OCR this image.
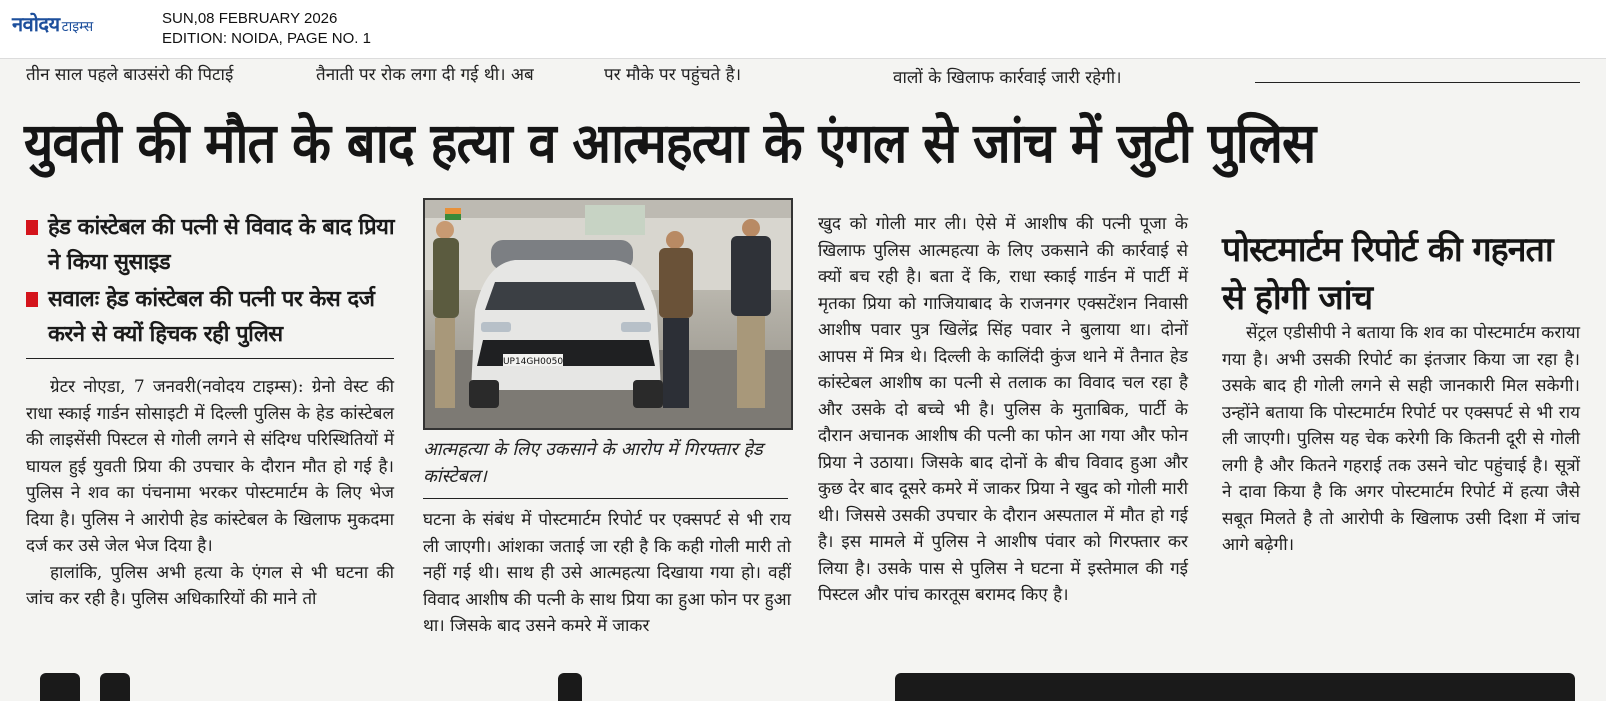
नवोदय टाइम्स	SUN,08 FEBRUARY 2026
EDITION: NOIDA, PAGE NO. 1
तीन साल पहले बाउसंरो की पिटाई	तैनाती पर रोक लगा दी गई थी। अब	पर मौके पर पहुंचते है।	वालों के खिलाफ कार्रवाई जारी रहेगी।
युवती की मौत के बाद हत्या व आत्महत्या के एंगल से जांच में जुटी पुलिस
हेड कांस्टेबल की पत्नी से विवाद के बाद प्रिया ने किया सुसाइड
सवालः हेड कांस्टेबल की पत्नी पर केस दर्ज करने से क्यों हिचक रही पुलिस

ग्रेटर नोएडा, 7 जनवरी(नवोदय टाइम्स): ग्रेनो वेस्ट की राधा स्काई गार्डन सोसाइटी में दिल्ली पुलिस के हेड कांस्टेबल की लाइसेंसी पिस्टल से गोली लगने से संदिग्ध परिस्थितियों में घायल हुई युवती प्रिया की उपचार के दौरान मौत हो गई है। पुलिस ने शव का पंचनामा भरकर पोस्टमार्टम के लिए भेज दिया है। पुलिस ने आरोपी हेड कांस्टेबल के खिलाफ मुकदमा दर्ज कर उसे जेल भेज दिया है।

हालांकि, पुलिस अभी हत्या के एंगल से भी घटना की जांच कर रही है। पुलिस अधिकारियों की माने तो

UP14GH0050
आत्महत्या के लिए उकसाने के आरोप में गिरफ्तार हेड कांस्टेबल।

घटना के संबंध में पोस्टमार्टम रिपोर्ट पर एक्सपर्ट से भी राय ली जाएगी। आंशका जताई जा रही है कि कही गोली मारी तो नहीं गई थी। साथ ही उसे आत्महत्या दिखाया गया हो। वहीं विवाद आशीष की पत्नी के साथ प्रिया का हुआ फोन पर हुआ था। जिसके बाद उसने कमरे में जाकर

खुद को गोली मार ली। ऐसे में आशीष की पत्नी पूजा के खिलाफ पुलिस आत्महत्या के लिए उकसाने की कार्रवाई से क्यों बच रही है। बता दें कि, राधा स्काई गार्डन में पार्टी में मृतका प्रिया को गाजियाबाद के राजनगर एक्सटेंशन निवासी आशीष पवार पुत्र खिलेंद्र सिंह पवार ने बुलाया था। दोनों आपस में मित्र थे। दिल्ली के कालिंदी कुंज थाने में तैनात हेड कांस्टेबल आशीष का पत्नी से तलाक का विवाद चल रहा है और उसके दो बच्चे भी है। पुलिस के मुताबिक, पार्टी के दौरान अचानक आशीष की पत्नी का फोन आ गया और फोन प्रिया ने उठाया। जिसके बाद दोनों के बीच विवाद हुआ और कुछ देर बाद दूसरे कमरे में जाकर प्रिया ने खुद को गोली मारी थी। जिससे उसकी उपचार के दौरान अस्पताल में मौत हो गई है। इस मामले में पुलिस ने आशीष पंवार को गिरफ्तार कर लिया है। उसके पास से पुलिस ने घटना में इस्तेमाल की गई पिस्टल और पांच कारतूस बरामद किए है।

पोस्टमार्टम रिपोर्ट की गहनता से होगी जांच

सेंट्रल एडीसीपी ने बताया कि शव का पोस्टमार्टम कराया गया है। अभी उसकी रिपोर्ट का इंतजार किया जा रहा है। उसके बाद ही गोली लगने से सही जानकारी मिल सकेगी। उन्होंने बताया कि पोस्टमार्टम रिपोर्ट पर एक्सपर्ट से भी राय ली जाएगी। पुलिस यह चेक करेगी कि कितनी दूरी से गोली लगी है और कितने गहराई तक उसने चोट पहुंचाई है। सूत्रों ने दावा किया है कि अगर पोस्टमार्टम रिपोर्ट में हत्या जैसे सबूत मिलते है तो आरोपी के खिलाफ उसी दिशा में जांच आगे बढ़ेगी।
